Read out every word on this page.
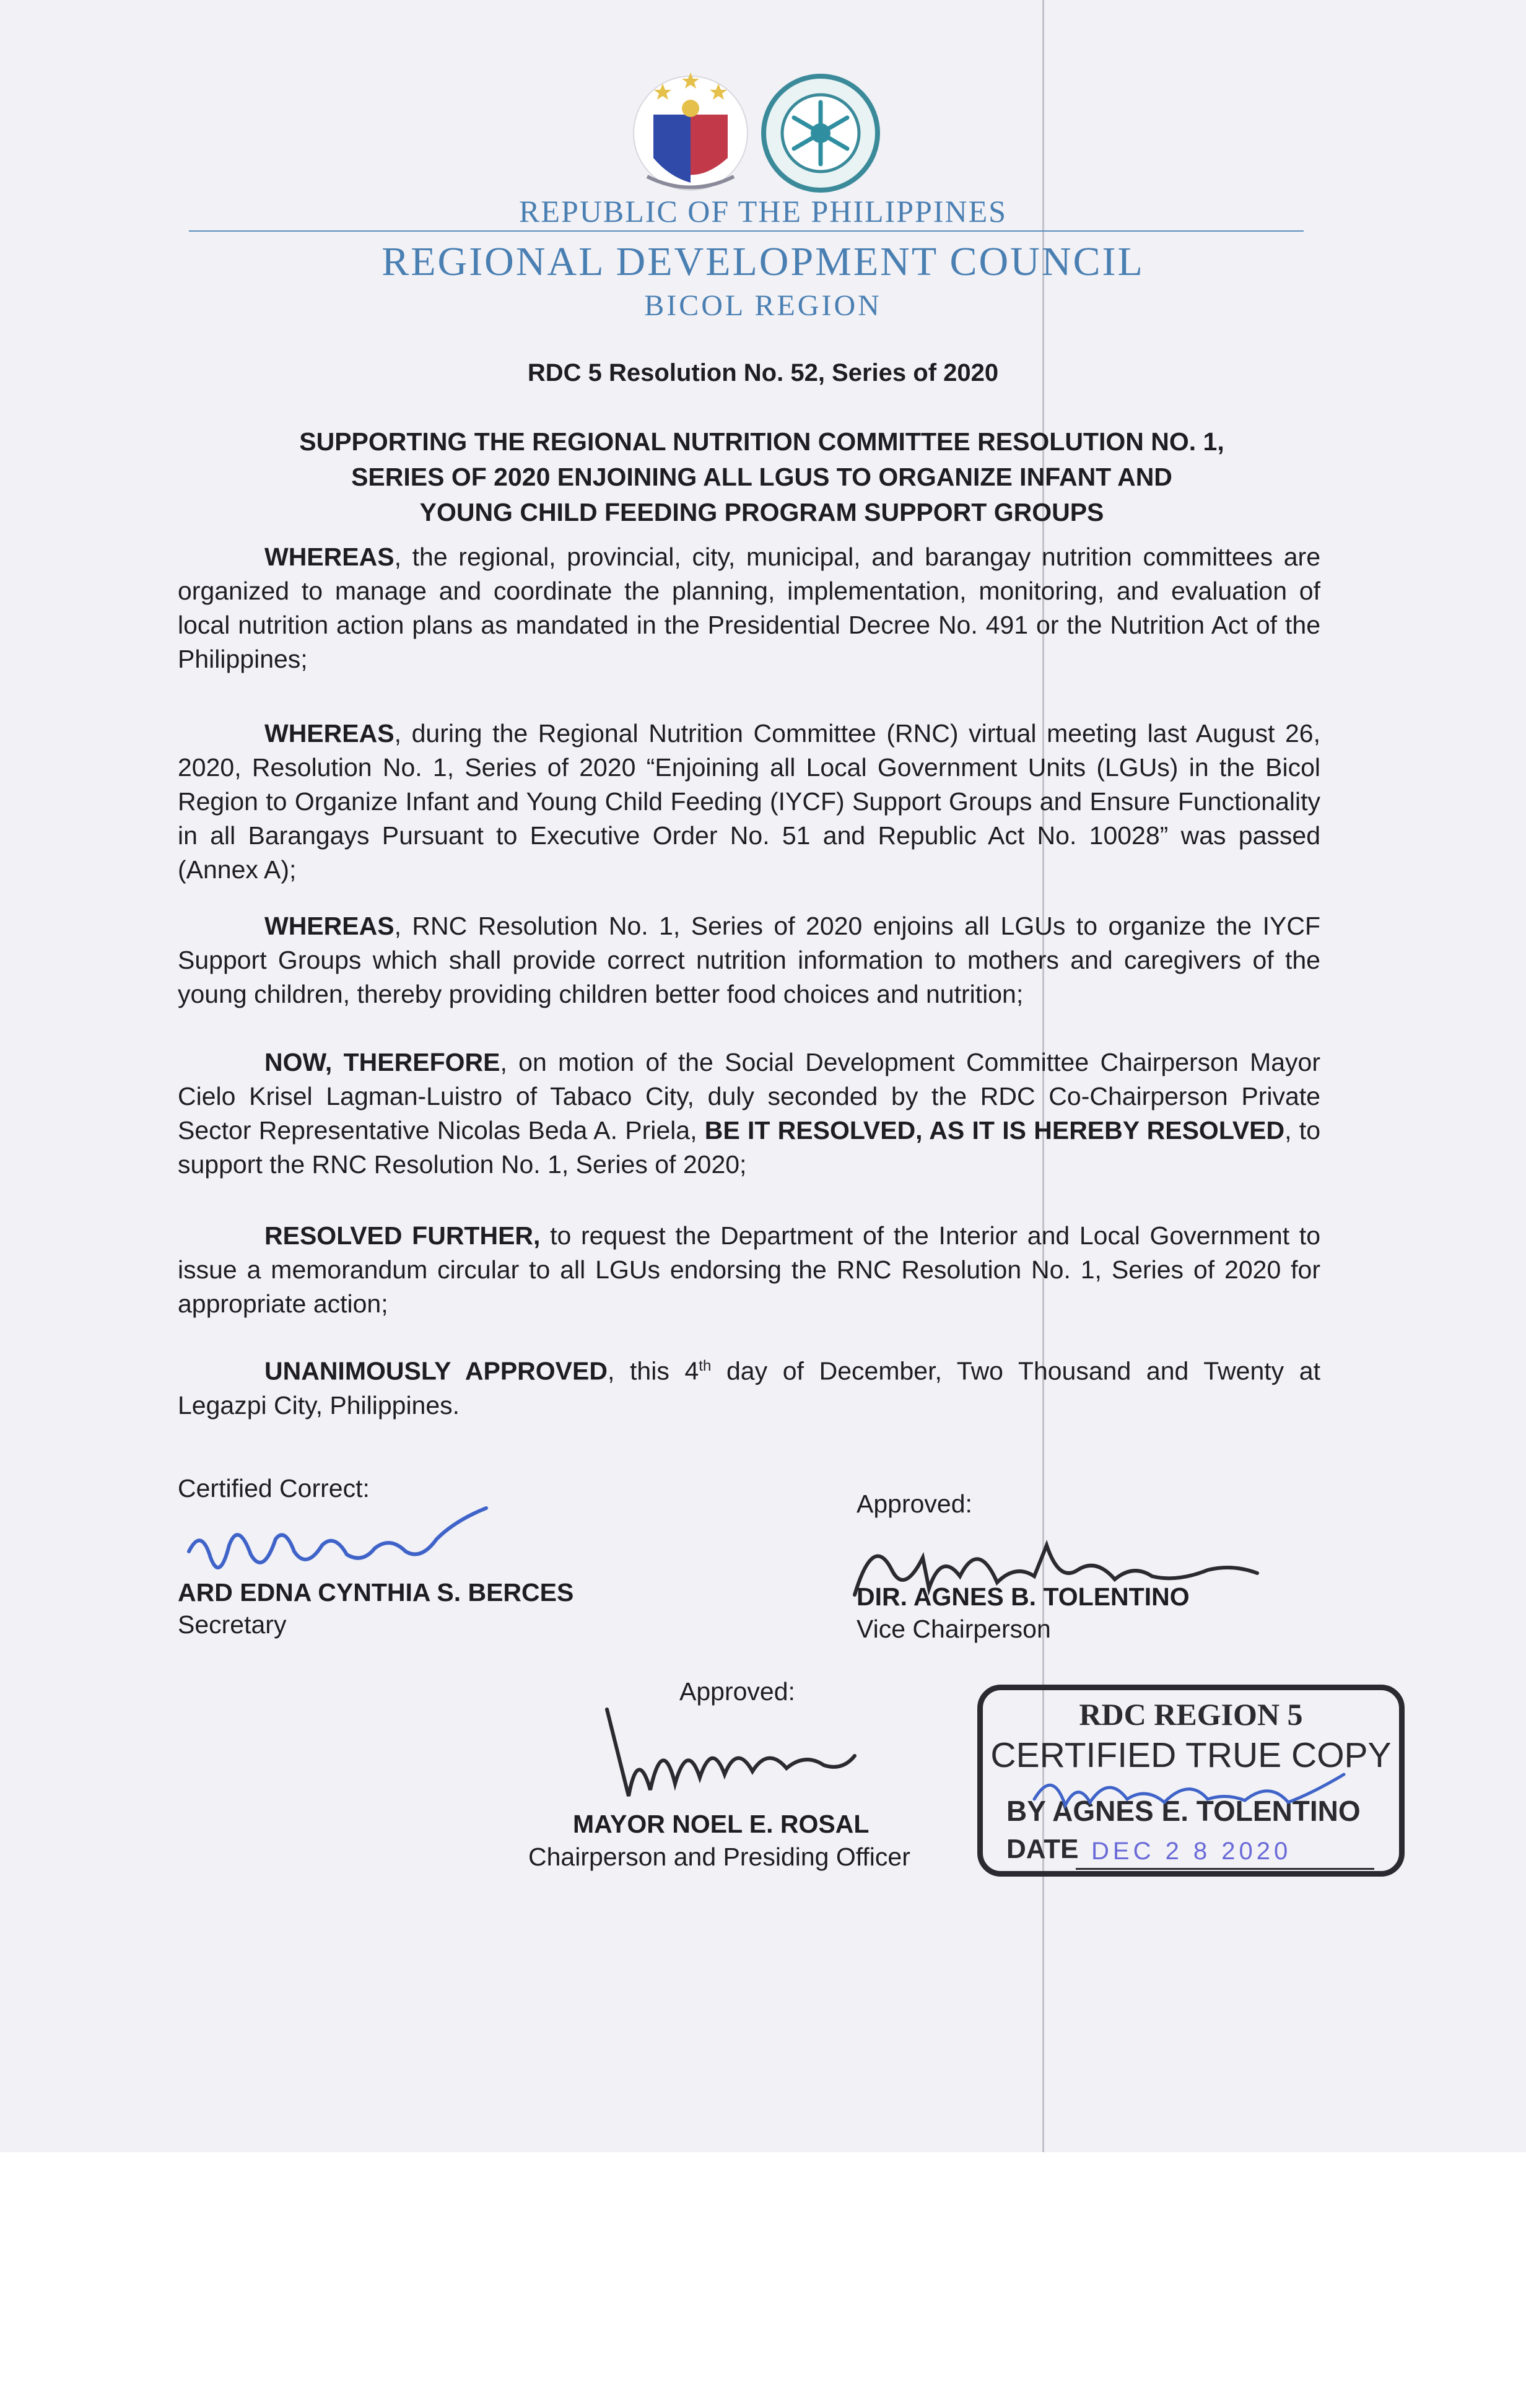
REPUBLIC OF THE PHILIPPINES
REGIONAL DEVELOPMENT COUNCIL
BICOL REGION
RDC 5 Resolution No. 52, Series of 2020
SUPPORTING THE REGIONAL NUTRITION COMMITTEE RESOLUTION NO. 1,
SERIES OF 2020 ENJOINING ALL LGUS TO ORGANIZE INFANT AND
YOUNG CHILD FEEDING PROGRAM SUPPORT GROUPS

WHEREAS, the regional, provincial, city, municipal, and barangay nutrition committees are organized to manage and coordinate the planning, implementation, monitoring, and evaluation of local nutrition action plans as mandated in the Presidential Decree No. 491 or the Nutrition Act of the Philippines;

WHEREAS, during the Regional Nutrition Committee (RNC) virtual meeting last August 26, 2020, Resolution No. 1, Series of 2020 “Enjoining all Local Government Units (LGUs) in the Bicol Region to Organize Infant and Young Child Feeding (IYCF) Support Groups and Ensure Functionality in all Barangays Pursuant to Executive Order No. 51 and Republic Act No. 10028” was passed (Annex A);

WHEREAS, RNC Resolution No. 1, Series of 2020 enjoins all LGUs to organize the IYCF Support Groups which shall provide correct nutrition information to mothers and caregivers of the young children, thereby providing children better food choices and nutrition;

NOW, THEREFORE, on motion of the Social Development Committee Chairperson Mayor Cielo Krisel Lagman-Luistro of Tabaco City, duly seconded by the RDC Co-Chairperson Private Sector Representative Nicolas Beda A. Priela, BE IT RESOLVED, AS IT IS HEREBY RESOLVED, to support the RNC Resolution No. 1, Series of 2020;

RESOLVED FURTHER, to request the Department of the Interior and Local Government to issue a memorandum circular to all LGUs endorsing the RNC Resolution No. 1, Series of 2020 for appropriate action;

UNANIMOUSLY APPROVED, this 4th day of December, Two Thousand and Twenty at Legazpi City, Philippines.

Certified Correct:
ARD EDNA CYNTHIA S. BERCES
Secretary
Approved:
DIR. AGNES B. TOLENTINO
Vice Chairperson
Approved:
MAYOR NOEL E. ROSAL
Chairperson and Presiding Officer
RDC REGION 5
CERTIFIED TRUE COPY
BY AGNES E. TOLENTINO
DATE DEC 2 8 2020
